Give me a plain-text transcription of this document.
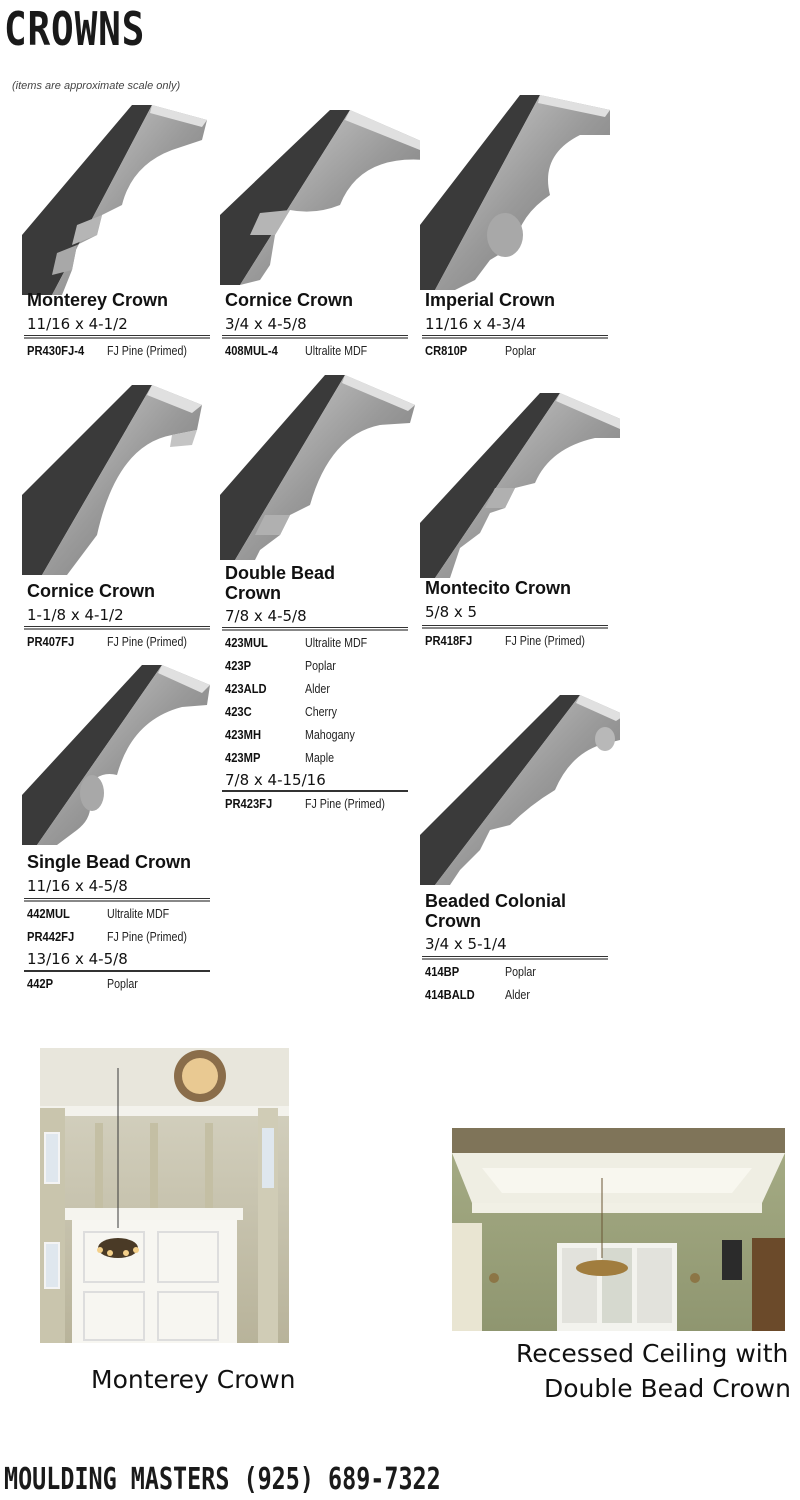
CROWNS
(items are approximate scale only)
Monterey Crown
11/16 x 4-1/2
PR430FJ-4	FJ Pine (Primed)
Cornice Crown
3/4 x 4-5/8
408MUL-4	Ultralite MDF
Imperial Crown
11/16 x 4-3/4
CR810P	Poplar
Cornice Crown
1-1/8 x 4-1/2
PR407FJ	FJ Pine (Primed)
Double Bead Crown
7/8 x 4-5/8
423MUL	Ultralite MDF
423P	Poplar
423ALD	Alder
423C	Cherry
423MH	Mahogany
423MP	Maple
7/8 x 4-15/16
PR423FJ	FJ Pine (Primed)
Montecito Crown
5/8 x 5
PR418FJ	FJ Pine (Primed)
Single Bead Crown
11/16 x 4-5/8
442MUL	Ultralite MDF
PR442FJ	FJ Pine (Primed)
13/16 x 4-5/8
442P	Poplar
Beaded Colonial Crown
3/4 x 5-1/4
414BP	Poplar
414BALD	Alder
Monterey Crown
Recessed Ceiling with
Double Bead Crown
MOULDING MASTERS (925) 689-7322
